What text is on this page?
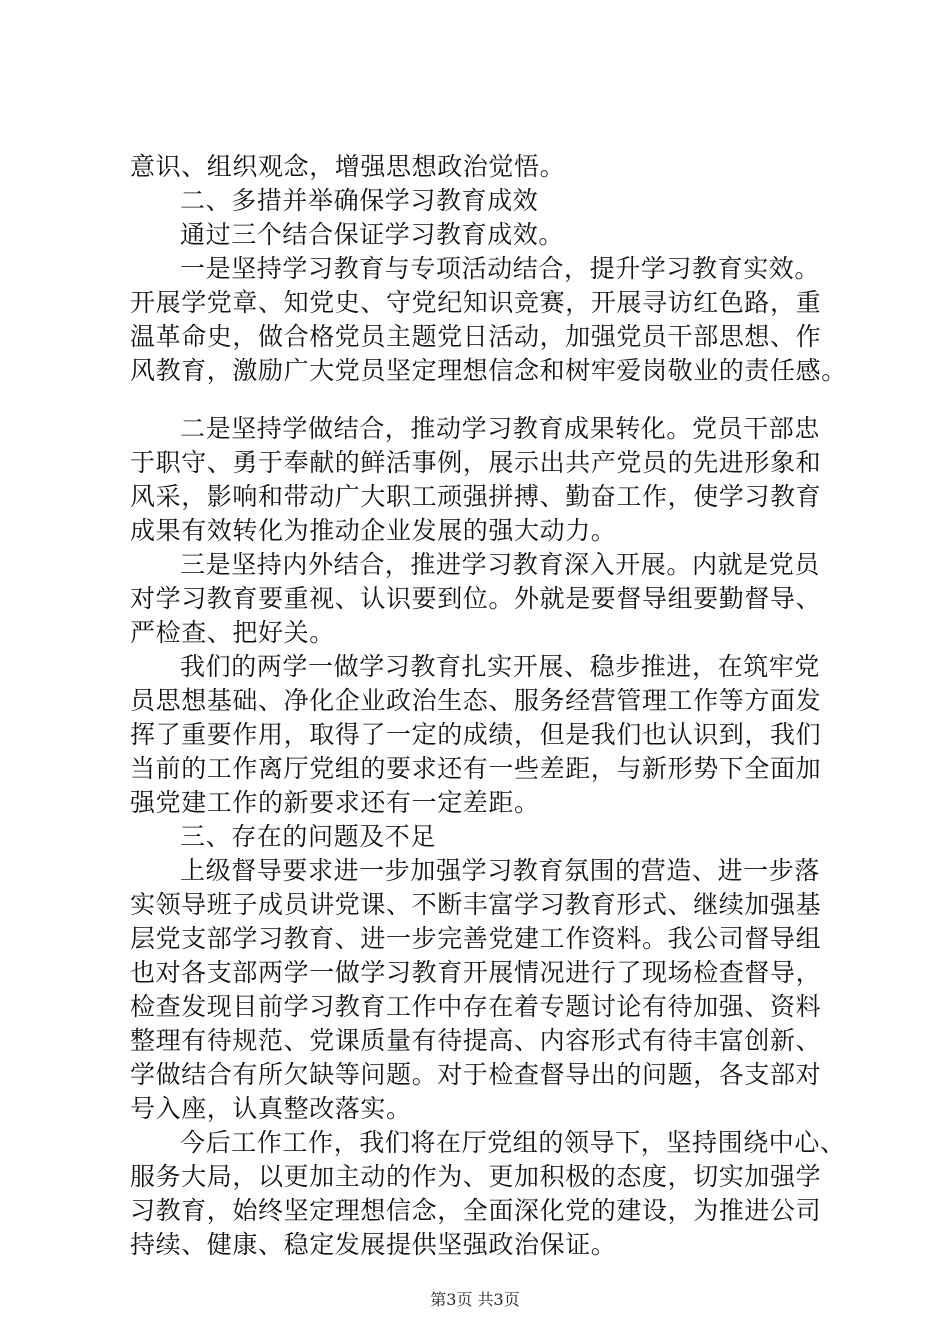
意识、组织观念，增强思想政治觉悟。
二、多措并举确保学习教育成效
通过三个结合保证学习教育成效。
一是坚持学习教育与专项活动结合，提升学习教育实效。
开展学党章、知党史、守党纪知识竞赛，开展寻访红色路，重
温革命史，做合格党员主题党日活动，加强党员干部思想、作
风教育，激励广大党员坚定理想信念和树牢爱岗敬业的责任感。
二是坚持学做结合，推动学习教育成果转化。党员干部忠
于职守、勇于奉献的鲜活事例，展示出共产党员的先进形象和
风采，影响和带动广大职工顽强拼搏、勤奋工作，使学习教育
成果有效转化为推动企业发展的强大动力。
三是坚持内外结合，推进学习教育深入开展。内就是党员
对学习教育要重视、认识要到位。外就是要督导组要勤督导、
严检查、把好关。
我们的两学一做学习教育扎实开展、稳步推进，在筑牢党
员思想基础、净化企业政治生态、服务经营管理工作等方面发
挥了重要作用，取得了一定的成绩，但是我们也认识到，我们
当前的工作离厅党组的要求还有一些差距，与新形势下全面加
强党建工作的新要求还有一定差距。
三、存在的问题及不足
上级督导要求进一步加强学习教育氛围的营造、进一步落
实领导班子成员讲党课、不断丰富学习教育形式、继续加强基
层党支部学习教育、进一步完善党建工作资料。我公司督导组
也对各支部两学一做学习教育开展情况进行了现场检查督导，
检查发现目前学习教育工作中存在着专题讨论有待加强、资料
整理有待规范、党课质量有待提高、内容形式有待丰富创新、
学做结合有所欠缺等问题。对于检查督导出的问题，各支部对
号入座，认真整改落实。
今后工作工作，我们将在厅党组的领导下，坚持围绕中心、
服务大局，以更加主动的作为、更加积极的态度，切实加强学
习教育，始终坚定理想信念，全面深化党的建设，为推进公司
持续、健康、稳定发展提供坚强政治保证。
第3页 共3页
